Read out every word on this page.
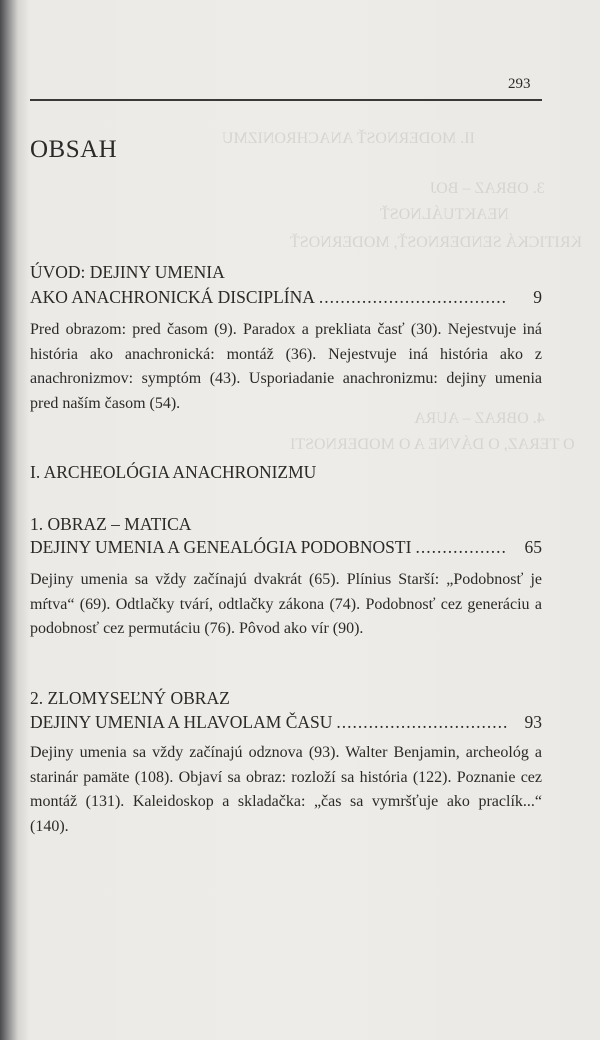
II. MODERNOSŤ ANACHRONIZMU
3. OBRAZ – BOJ
NEAKTUÁLNOSŤ
KRITICKÁ SENDERNOSŤ, MODERNOSŤ
4. OBRAZ – AURA
O TERAZ, O DÁVNE A O MODERNOSTI
293
OBSAH
ÚVOD: DEJINY UMENIA
AKO ANACHRONICKÁ DISCIPLÍNA .....	9
Pred obrazom: pred časom (9). Paradox a prekliata časť (30). Nejestvuje iná história ako anachronická: montáž (36). Nejestvuje iná história ako z anachronizmov: symptóm (43). Usporiadanie anachronizmu: dejiny umenia pred naším časom (54).
I. ARCHEOLÓGIA ANACHRONIZMU
1. OBRAZ – MATICA
DEJINY UMENIA A GENEALÓGIA PODOBNOSTI .....	65
Dejiny umenia sa vždy začínajú dvakrát (65). Plínius Starší: „Podobnosť je mŕtva“ (69). Odtlačky tvárí, odtlačky zákona (74). Podobnosť cez generáciu a podobnosť cez permutáciu (76). Pôvod ako vír (90).
2. ZLOMYSEĽNÝ OBRAZ
DEJINY UMENIA A HLAVOLAM ČASU .....	93
Dejiny umenia sa vždy začínajú odznova (93). Walter Benjamin, archeológ a starinár pamäte (108). Objaví sa obraz: rozloží sa história (122). Poznanie cez montáž (131). Kaleidoskop a skladačka: „čas sa vymršťuje ako praclík...“ (140).
